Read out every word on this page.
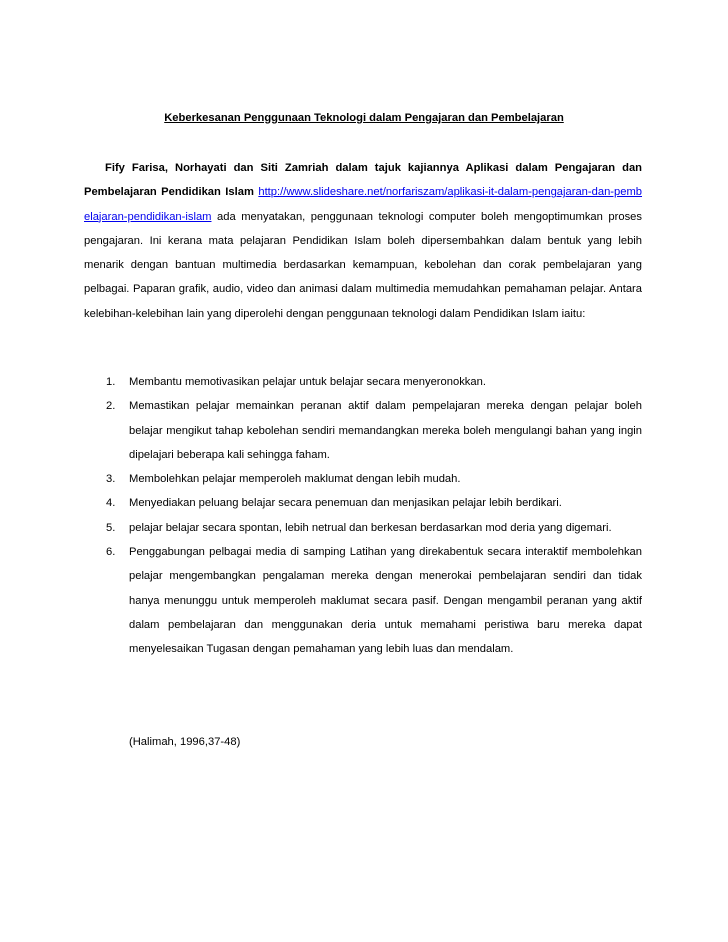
Keberkesanan Penggunaan Teknologi dalam Pengajaran dan Pembelajaran

Fify Farisa, Norhayati dan Siti Zamriah dalam tajuk kajiannya Aplikasi dalam Pengajaran dan Pembelajaran Pendidikan Islam http://www.slideshare.net/norfariszam/aplikasi-it-dalam-pengajaran-dan-pembelajaran-pendidikan-islam ada menyatakan, penggunaan teknologi computer boleh mengoptimumkan proses pengajaran. Ini kerana mata pelajaran Pendidikan Islam boleh dipersembahkan dalam bentuk yang lebih menarik dengan bantuan multimedia berdasarkan kemampuan, kebolehan dan corak pembelajaran yang pelbagai. Paparan grafik, audio, video dan animasi dalam multimedia memudahkan pemahaman pelajar. Antara kelebihan-kelebihan lain yang diperolehi dengan penggunaan teknologi dalam Pendidikan Islam iaitu:

1. Membantu memotivasikan pelajar untuk belajar secara menyeronokkan.
2. Memastikan pelajar memainkan peranan aktif dalam pempelajaran mereka dengan pelajar boleh belajar mengikut tahap kebolehan sendiri memandangkan mereka boleh mengulangi bahan yang ingin dipelajari beberapa kali sehingga faham.
3. Membolehkan pelajar memperoleh maklumat dengan lebih mudah.
4. Menyediakan peluang belajar secara penemuan dan menjasikan pelajar lebih berdikari.
5. pelajar belajar secara spontan, lebih netrual dan berkesan berdasarkan mod deria yang digemari.
6. Penggabungan pelbagai media di samping Latihan yang direkabentuk secara interaktif membolehkan pelajar mengembangkan pengalaman mereka dengan menerokai pembelajaran sendiri dan tidak hanya menunggu untuk memperoleh maklumat secara pasif. Dengan mengambil peranan yang aktif dalam pembelajaran dan menggunakan deria untuk memahami peristiwa baru mereka dapat menyelesaikan Tugasan dengan pemahaman yang lebih luas dan mendalam.
(Halimah, 1996,37-48)
